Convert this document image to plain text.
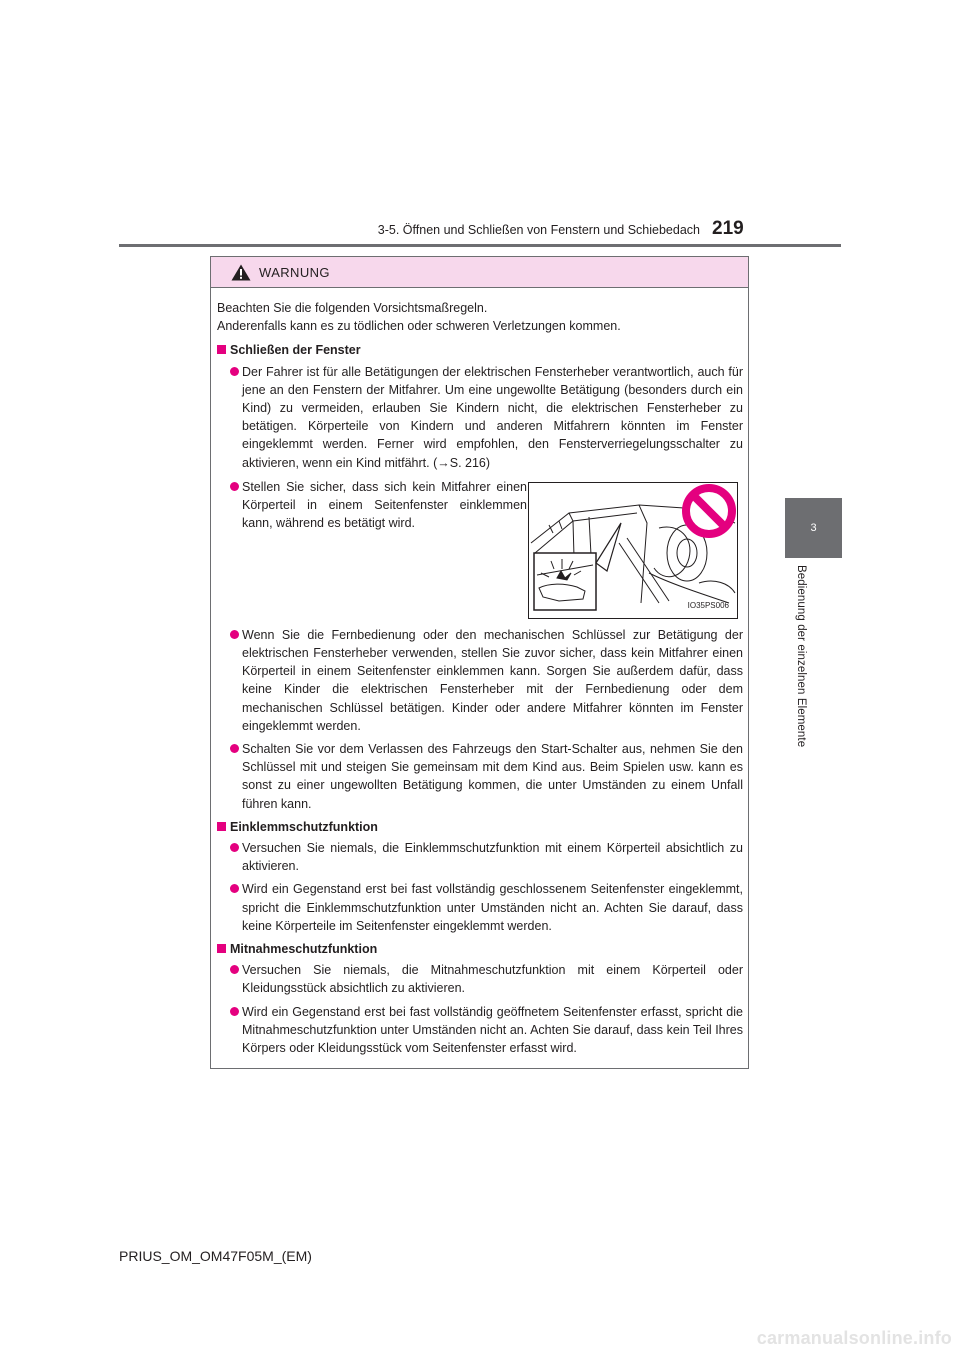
3-5. Öffnen und Schließen von Fenstern und Schiebedach 219
3
Bedienung der einzelnen Elemente
WARNUNG

Beachten Sie die folgenden Vorsichtsmaßregeln.

Anderenfalls kann es zu tödlichen oder schweren Verletzungen kommen.

Schließen der Fenster

Der Fahrer ist für alle Betätigungen der elektrischen Fensterheber verantwortlich, auch für jene an den Fenstern der Mitfahrer. Um eine ungewollte Betätigung (besonders durch ein Kind) zu vermeiden, erlauben Sie Kindern nicht, die elektrischen Fensterheber zu betätigen. Körperteile von Kindern und anderen Mitfahrern könnten im Fenster eingeklemmt werden. Ferner wird empfohlen, den Fensterverriegelungsschalter zu aktivieren, wenn ein Kind mitfährt. (→S. 216)

Stellen Sie sicher, dass sich kein Mitfahrer einen Körperteil in einem Seitenfenster einklemmen kann, während es betätigt wird.

IO35PS006

Wenn Sie die Fernbedienung oder den mechanischen Schlüssel zur Betätigung der elektrischen Fensterheber verwenden, stellen Sie zuvor sicher, dass kein Mitfahrer einen Körperteil in einem Seitenfenster einklemmen kann. Sorgen Sie außerdem dafür, dass keine Kinder die elektrischen Fensterheber mit der Fernbedienung oder dem mechanischen Schlüssel betätigen. Kinder oder andere Mitfahrer könnten im Fenster eingeklemmt werden.

Schalten Sie vor dem Verlassen des Fahrzeugs den Start-Schalter aus, nehmen Sie den Schlüssel mit und steigen Sie gemeinsam mit dem Kind aus. Beim Spielen usw. kann es sonst zu einer ungewollten Betätigung kommen, die unter Umständen zu einem Unfall führen kann.

Einklemmschutzfunktion

Versuchen Sie niemals, die Einklemmschutzfunktion mit einem Körperteil absichtlich zu aktivieren.

Wird ein Gegenstand erst bei fast vollständig geschlossenem Seitenfenster eingeklemmt, spricht die Einklemmschutzfunktion unter Umständen nicht an. Achten Sie darauf, dass keine Körperteile im Seitenfenster eingeklemmt werden.

Mitnahmeschutzfunktion

Versuchen Sie niemals, die Mitnahmeschutzfunktion mit einem Körperteil oder Kleidungsstück absichtlich zu aktivieren.

Wird ein Gegenstand erst bei fast vollständig geöffnetem Seitenfenster erfasst, spricht die Mitnahmeschutzfunktion unter Umständen nicht an. Achten Sie darauf, dass kein Teil Ihres Körpers oder Kleidungsstück vom Seitenfenster erfasst wird.

PRIUS_OM_OM47F05M_(EM)
carmanualsonline.info
